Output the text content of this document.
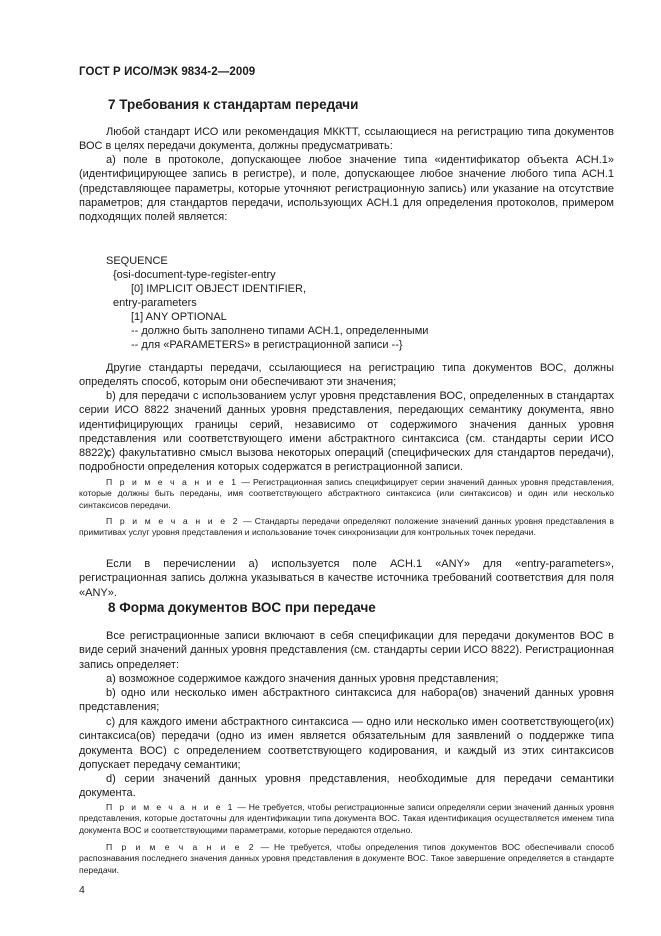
ГОСТ Р ИСО/МЭК 9834-2—2009
7 Требования к стандартам передачи
Любой стандарт ИСО или рекомендация МККТТ, ссылающиеся на регистрацию типа документов ВОС в целях передачи документа, должны предусматривать:
а) поле в протоколе, допускающее любое значение типа «идентификатор объекта АСН.1» (идентифицирующее запись в регистре), и поле, допускающее любое значение любого типа АСН.1 (представляющее параметры, которые уточняют регистрационную запись) или указание на отсутствие параметров; для стандартов передачи, использующих АСН.1 для определения протоколов, примером подходящих полей является:
SEQUENCE
{osi-document-type-register-entry
[0] IMPLICIT OBJECT IDENTIFIER,
entry-parameters
[1] ANY OPTIONAL
-- должно быть заполнено типами АСН.1, определенными
-- для «PARAMETERS» в регистрационной записи --}
Другие стандарты передачи, ссылающиеся на регистрацию типа документов ВОС, должны определять способ, которым они обеспечивают эти значения;
b) для передачи с использованием услуг уровня представления ВОС, определенных в стандартах серии ИСО 8822 значений данных уровня представления, передающих семантику документа, явно идентифицирующих границы серий, независимо от содержимого значения данных уровня представления или соответствующего имени абстрактного синтаксиса (см. стандарты серии ИСО 8822);
с) факультативно смысл вызова некоторых операций (специфических для стандартов передачи), подробности определения которых содержатся в регистрационной записи.
П р и м е ч а н и е 1 — Регистрационная запись специфицирует серии значений данных уровня представления, которые должны быть переданы, имя соответствующего абстрактного синтаксиса (или синтаксисов) и один или несколько синтаксисов передачи.
П р и м е ч а н и е 2 — Стандарты передачи определяют положение значений данных уровня представления в примитивах услуг уровня представления и использование точек синхронизации для контрольных точек передачи.
Если в перечислении а) используется поле АСН.1 «ANY» для «entry-parameters», регистрационная запись должна указываться в качестве источника требований соответствия для поля «ANY».
8 Форма документов ВОС при передаче
Все регистрационные записи включают в себя спецификации для передачи документов ВОС в виде серий значений данных уровня представления (см. стандарты серии ИСО 8822). Регистрационная запись определяет:
а) возможное содержимое каждого значения данных уровня представления;
b) одно или несколько имен абстрактного синтаксиса для набора(ов) значений данных уровня представления;
с) для каждого имени абстрактного синтаксиса — одно или несколько имен соответствующего(их) синтаксиса(ов) передачи (одно из имен является обязательным для заявлений о поддержке типа документа ВОС) с определением соответствующего кодирования, и каждый из этих синтаксисов допускает передачу семантики;
d) серии значений данных уровня представления, необходимые для передачи семантики документа.
П р и м е ч а н и е 1 — Не требуется, чтобы регистрационные записи определяли серии значений данных уровня представления, которые достаточны для идентификации типа документа ВОС. Такая идентификация осуществляется именем типа документа ВОС и соответствующими параметрами, которые передаются отдельно.
П р и м е ч а н и е 2 — Не требуется, чтобы определения типов документов ВОС обеспечивали способ распознавания последнего значения данных уровня представления в документе ВОС. Такое завершение определяется в стандарте передачи.
4
